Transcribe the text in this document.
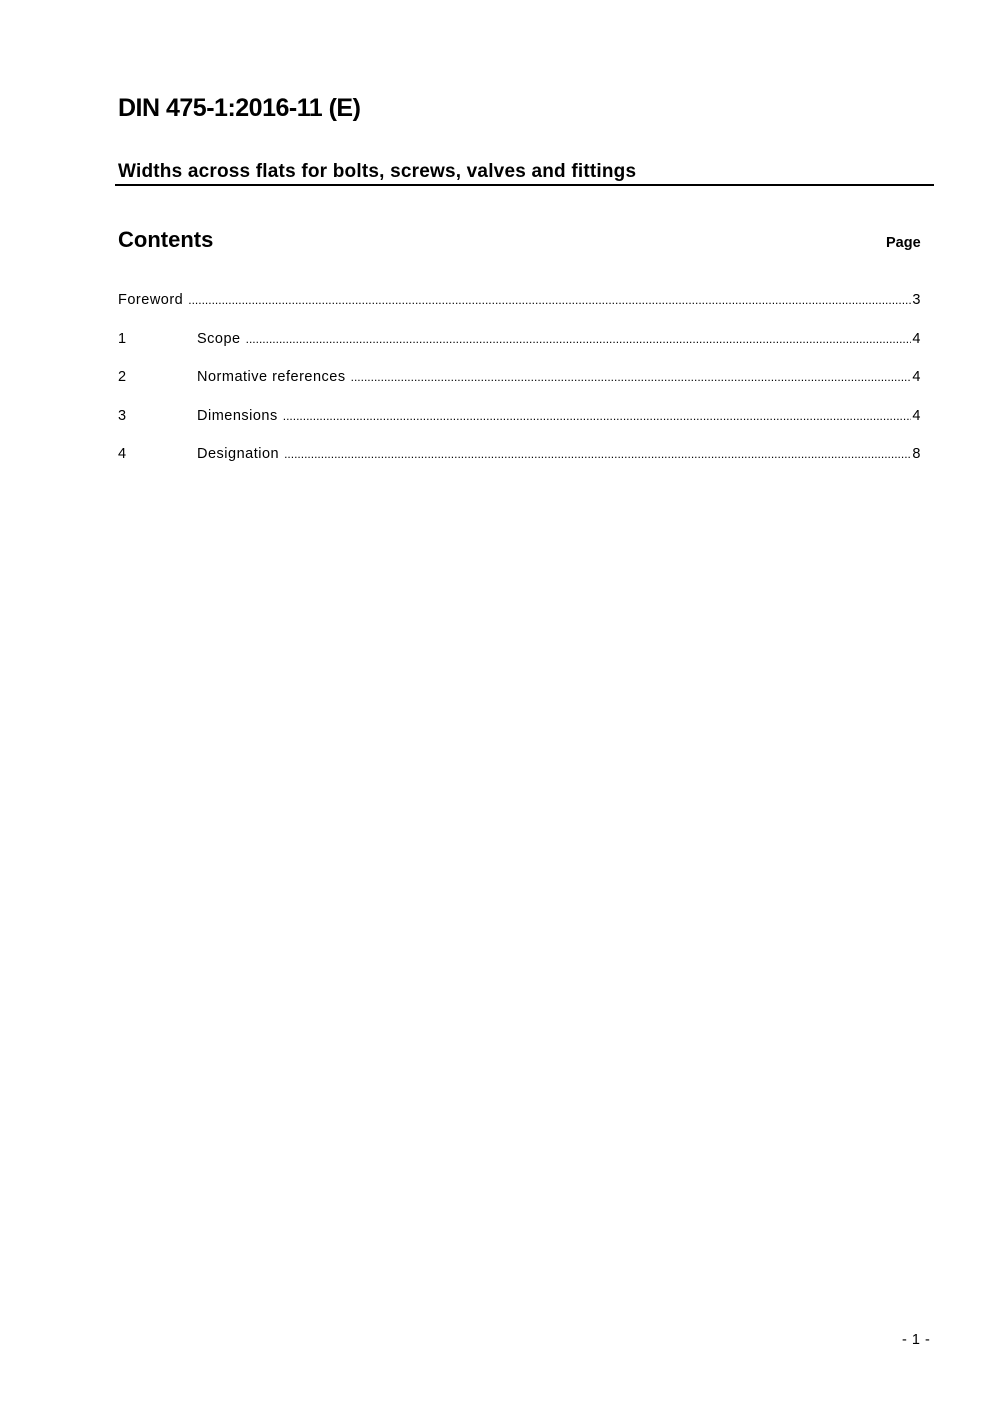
DIN 475-1:2016-11 (E)
Widths across flats for bolts, screws, valves and fittings
Contents	Page
Foreword .....	3
1	Scope .....	4
2	Normative references .....	4
3	Dimensions .....	4
4	Designation .....	8
- 1 -
